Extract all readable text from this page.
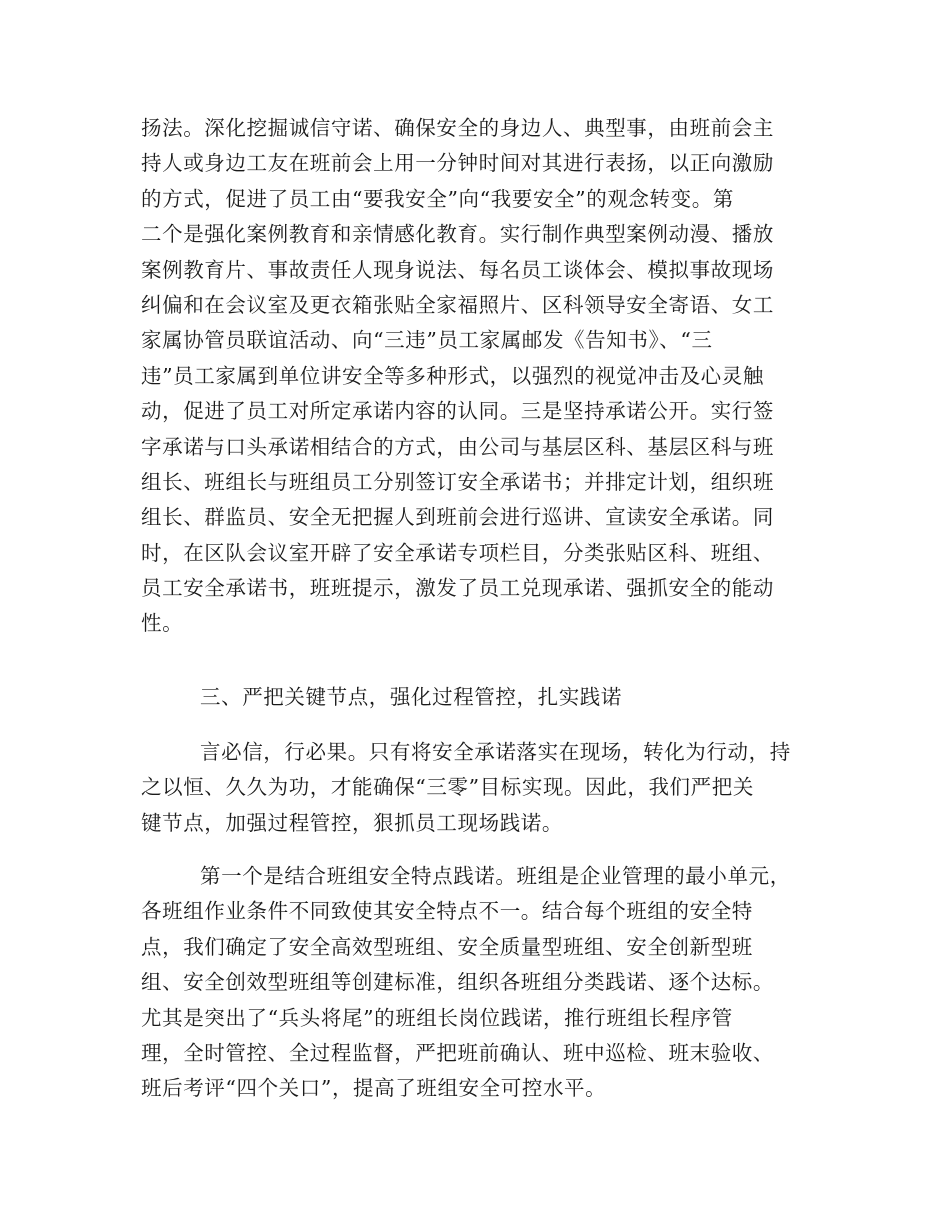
扬法。深化挖掘诚信守诺、确保安全的身边人、典型事，由班前会主
持人或身边工友在班前会上用一分钟时间对其进行表扬，以正向激励
的方式，促进了员工由“要我安全”向“我要安全”的观念转变。第
二个是强化案例教育和亲情感化教育。实行制作典型案例动漫、播放
案例教育片、事故责任人现身说法、每名员工谈体会、模拟事故现场
纠偏和在会议室及更衣箱张贴全家福照片、区科领导安全寄语、女工
家属协管员联谊活动、向“三违”员工家属邮发《告知书》、“三
违”员工家属到单位讲安全等多种形式，以强烈的视觉冲击及心灵触
动，促进了员工对所定承诺内容的认同。三是坚持承诺公开。实行签
字承诺与口头承诺相结合的方式，由公司与基层区科、基层区科与班
组长、班组长与班组员工分别签订安全承诺书；并排定计划，组织班
组长、群监员、安全无把握人到班前会进行巡讲、宣读安全承诺。同
时，在区队会议室开辟了安全承诺专项栏目，分类张贴区科、班组、
员工安全承诺书，班班提示，激发了员工兑现承诺、强抓安全的能动
性。
三、严把关键节点，强化过程管控，扎实践诺
言必信，行必果。只有将安全承诺落实在现场，转化为行动，持
之以恒、久久为功，才能确保“三零”目标实现。因此，我们严把关
键节点，加强过程管控，狠抓员工现场践诺。
第一个是结合班组安全特点践诺。班组是企业管理的最小单元，
各班组作业条件不同致使其安全特点不一。结合每个班组的安全特
点，我们确定了安全高效型班组、安全质量型班组、安全创新型班
组、安全创效型班组等创建标准，组织各班组分类践诺、逐个达标。
尤其是突出了“兵头将尾”的班组长岗位践诺，推行班组长程序管
理，全时管控、全过程监督，严把班前确认、班中巡检、班末验收、
班后考评“四个关口”，提高了班组安全可控水平。
